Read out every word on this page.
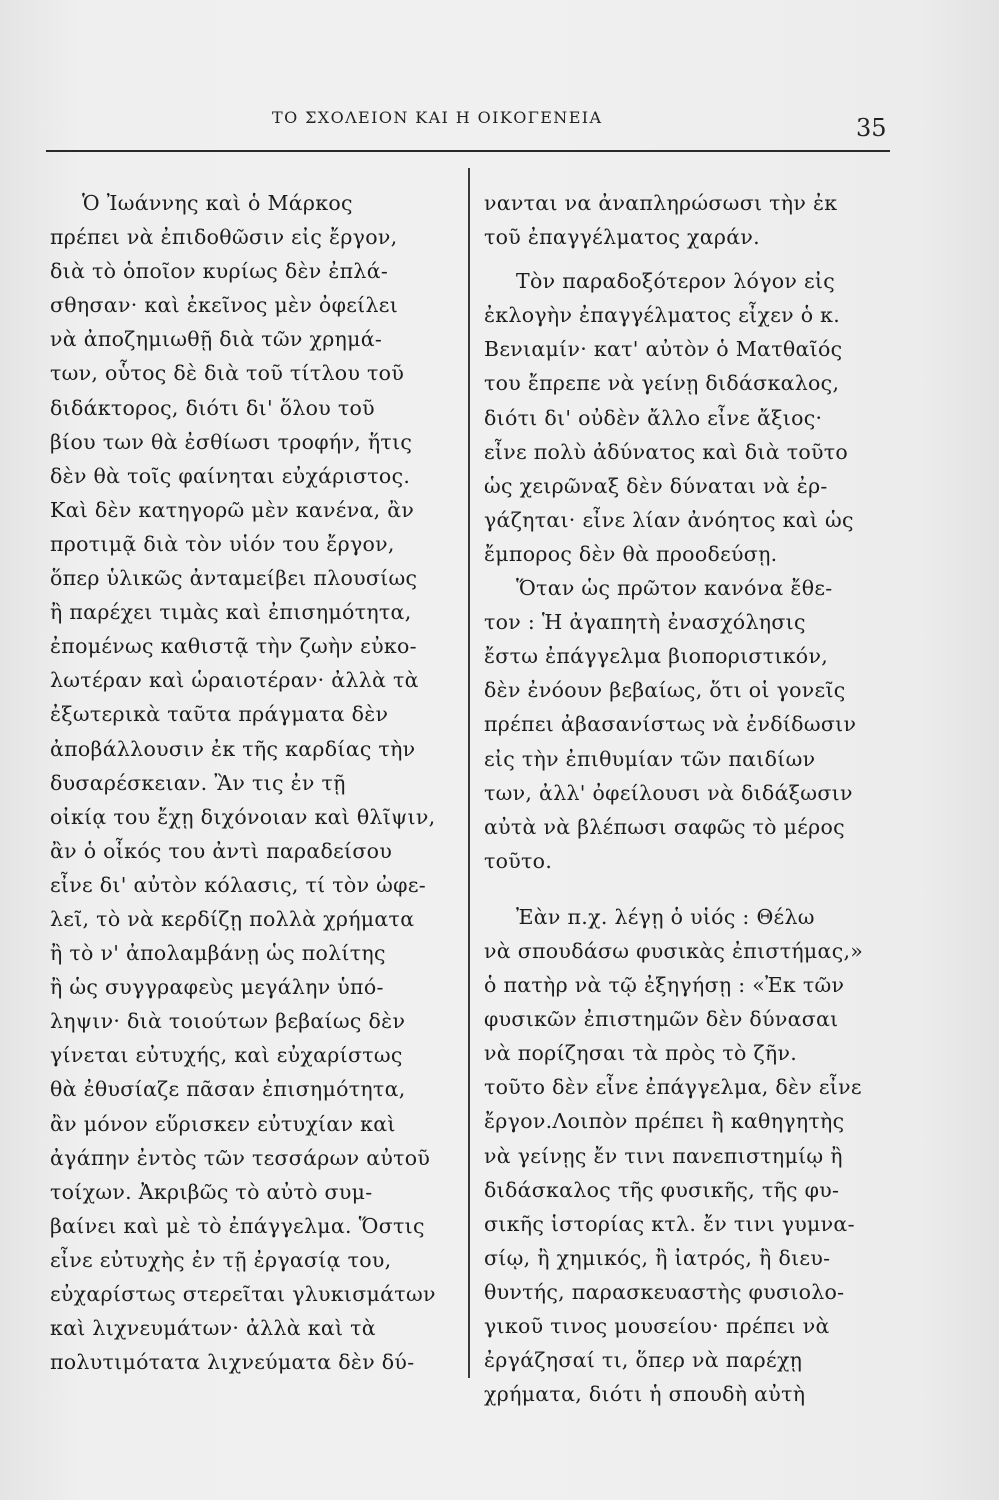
ΤΟ ΣΧΟΛΕΙΟΝ ΚΑΙ Η ΟΙΚΟΓΕΝΕΙΑ	35
Ὁ Ἰωάννης καὶ ὁ Μάρκος
πρέπει νὰ ἐπιδοθῶσιν εἰς ἔργον,
διὰ τὸ ὁποῖον κυρίως δὲν ἐπλά-
σθησαν· καὶ ἐκεῖνος μὲν ὀφείλει
νὰ ἀποζημιωθῇ διὰ τῶν χρημά-
των, οὗτος δὲ διὰ τοῦ τίτλου τοῦ
διδάκτορος, διότι δι' ὅλου τοῦ
βίου των θὰ ἐσθίωσι τροφήν, ἥτις
δὲν θὰ τοῖς φαίνηται εὐχάριστος.
Καὶ δὲν κατηγορῶ μὲν κανένα, ἂν
προτιμᾷ διὰ τὸν υἱόν του ἔργον,
ὅπερ ὑλικῶς ἀνταμείβει πλουσίως
ἢ παρέχει τιμὰς καὶ ἐπισημότητα,
ἐπομένως καθιστᾷ τὴν ζωὴν εὐκο-
λωτέραν καὶ ὡραιοτέραν· ἀλλὰ τὰ
ἐξωτερικὰ ταῦτα πράγματα δὲν
ἀποβάλλουσιν ἐκ τῆς καρδίας τὴν
δυσαρέσκειαν. Ἂν τις ἐν τῇ
οἰκίᾳ του ἔχῃ διχόνοιαν καὶ θλῖψιν,
ἂν ὁ οἶκός του ἀντὶ παραδείσου
εἶνε δι' αὐτὸν κόλασις, τί τὸν ὠφε-
λεῖ, τὸ νὰ κερδίζῃ πολλὰ χρήματα
ἢ τὸ ν' ἀπολαμβάνῃ ὡς πολίτης
ἢ ὡς συγγραφεὺς μεγάλην ὑπό-
ληψιν· διὰ τοιούτων βεβαίως δὲν
γίνεται εὐτυχής, καὶ εὐχαρίστως
θὰ ἐθυσίαζε πᾶσαν ἐπισημότητα,
ἂν μόνον εὕρισκεν εὐτυχίαν καὶ
ἀγάπην ἐντὸς τῶν τεσσάρων αὐτοῦ
τοίχων. Ἀκριβῶς τὸ αὐτὸ συμ-
βαίνει καὶ μὲ τὸ ἐπάγγελμα. Ὅστις
εἶνε εὐτυχὴς ἐν τῇ ἐργασίᾳ του,
εὐχαρίστως στερεῖται γλυκισμάτων
καὶ λιχνευμάτων· ἀλλὰ καὶ τὰ
πολυτιμότατα λιχνεύματα δὲν δύ-
νανται να ἀναπληρώσωσι τὴν ἐκ
τοῦ ἐπαγγέλματος χαράν.
Τὸν παραδοξότερον λόγον εἰς
ἐκλογὴν ἐπαγγέλματος εἶχεν ὁ κ.
Βενιαμίν· κατ' αὐτὸν ὁ Ματθαῖός
του ἔπρεπε νὰ γείνῃ διδάσκαλος,
διότι δι' οὐδὲν ἄλλο εἶνε ἄξιος·
εἶνε πολὺ ἀδύνατος καὶ διὰ τοῦτο
ὡς χειρῶναξ δὲν δύναται νὰ ἐρ-
γάζηται· εἶνε λίαν ἀνόητος καὶ ὡς
ἔμπορος δὲν θὰ προοδεύσῃ.
Ὅταν ὡς πρῶτον κανόνα ἔθε-
τον : Ἡ ἀγαπητὴ ἐνασχόλησις
ἔστω ἐπάγγελμα βιοποριστικόν,
δὲν ἐνόουν βεβαίως, ὅτι οἱ γονεῖς
πρέπει ἀβασανίστως νὰ ἐνδίδωσιν
εἰς τὴν ἐπιθυμίαν τῶν παιδίων
των, ἀλλ' ὀφείλουσι νὰ διδάξωσιν
αὐτὰ νὰ βλέπωσι σαφῶς τὸ μέρος
τοῦτο.
Ἐὰν π.χ. λέγῃ ὁ υἱός : Θέλω
νὰ σπουδάσω φυσικὰς ἐπιστήμας,»
ὁ πατὴρ νὰ τῷ ἐξηγήσῃ : «Ἐκ τῶν
φυσικῶν ἐπιστημῶν δὲν δύνασαι
νὰ πορίζησαι τὰ πρὸς τὸ ζῆν.
τοῦτο δὲν εἶνε ἐπάγγελμα, δὲν εἶνε
ἔργον.Λοιπὸν πρέπει ἢ καθηγητὴς
νὰ γείνῃς ἔν τινι πανεπιστημίῳ ἢ
διδάσκαλος τῆς φυσικῆς, τῆς φυ-
σικῆς ἱστορίας κτλ. ἔν τινι γυμνα-
σίῳ, ἢ χημικός, ἢ ἰατρός, ἢ διευ-
θυντής, παρασκευαστὴς φυσιολο-
γικοῦ τινος μουσείου· πρέπει νὰ
ἐργάζησαί τι, ὅπερ νὰ παρέχῃ
χρήματα, διότι ἡ σπουδὴ αὐτὴ
